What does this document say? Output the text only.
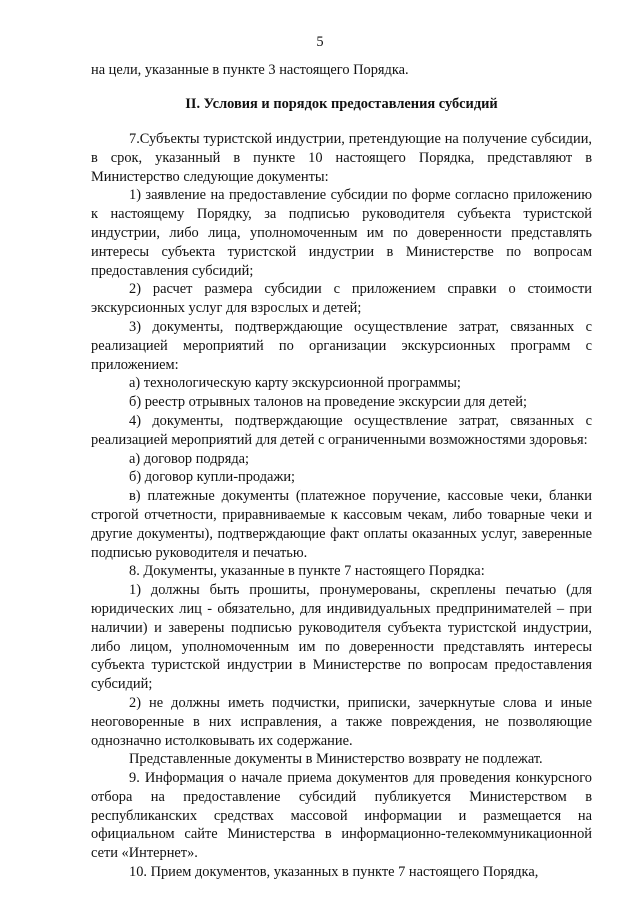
5
на цели, указанные в пункте 3 настоящего Порядка.
II. Условия и порядок предоставления субсидий

7.Субъекты туристской индустрии, претендующие на получение субсидии, в срок, указанный в пункте 10 настоящего Порядка, представляют в Министерство следующие документы:

1) заявление на предоставление субсидии по форме согласно приложению к настоящему Порядку, за подписью руководителя субъекта туристской индустрии, либо лица, уполномоченным им по доверенности представлять интересы субъекта туристской индустрии в Министерстве по вопросам предоставления субсидий;

2) расчет размера субсидии с приложением справки о стоимости экскурсионных услуг для взрослых и детей;

3) документы, подтверждающие осуществление затрат, связанных с реализацией мероприятий по организации экскурсионных программ с приложением:

а) технологическую карту экскурсионной программы;

б) реестр отрывных талонов на проведение экскурсии для детей;

4) документы, подтверждающие осуществление затрат, связанных с реализацией мероприятий для детей с ограниченными возможностями здоровья:

а) договор подряда;

б) договор купли-продажи;

в) платежные документы (платежное поручение, кассовые чеки, бланки строгой отчетности, приравниваемые к кассовым чекам, либо товарные чеки и другие документы), подтверждающие факт оплаты оказанных услуг, заверенные подписью руководителя и печатью.

8. Документы, указанные в пункте 7 настоящего Порядка:

1) должны быть прошиты, пронумерованы, скреплены печатью (для юридических лиц - обязательно, для индивидуальных предпринимателей – при наличии) и заверены подписью руководителя субъекта туристской индустрии, либо лицом, уполномоченным им по доверенности представлять интересы субъекта туристской индустрии в Министерстве по вопросам предоставления субсидий;

2) не должны иметь подчистки, приписки, зачеркнутые слова и иные неоговоренные в них исправления, а также повреждения, не позволяющие однозначно истолковывать их содержание.

Представленные документы в Министерство возврату не подлежат.

9. Информация о начале приема документов для проведения конкурсного отбора на предоставление субсидий публикуется Министерством в республиканских средствах массовой информации и размещается на официальном сайте Министерства в информационно-телекоммуникационной сети «Интернет».

10. Прием документов, указанных в пункте 7 настоящего Порядка,
